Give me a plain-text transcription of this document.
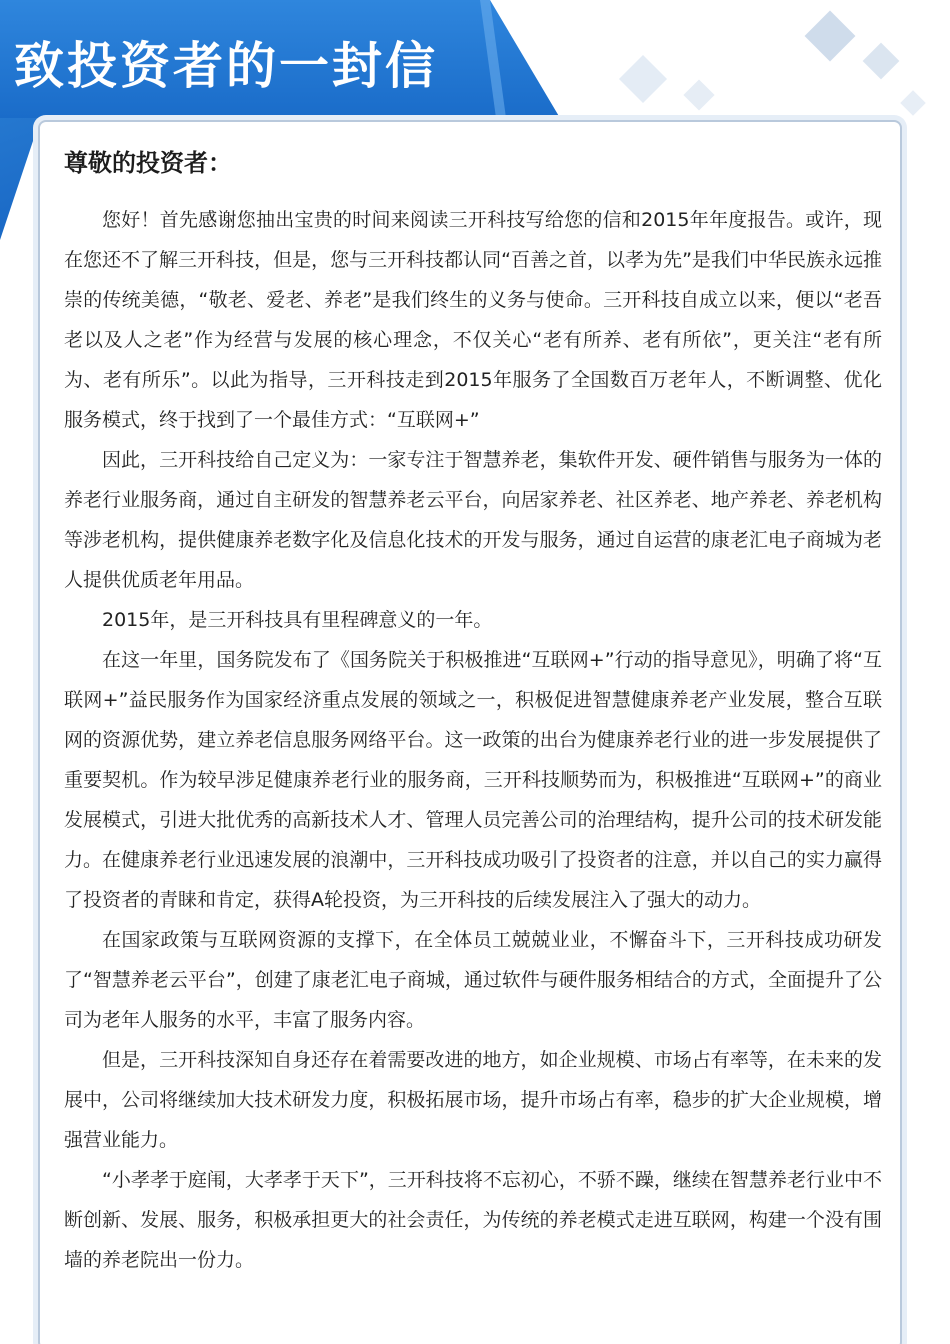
致投资者的一封信
尊敬的投资者：

您好！首先感谢您抽出宝贵的时间来阅读三开科技写给您的信和2015年年度报告。或许，现在您还不了解三开科技，但是，您与三开科技都认同“百善之首，以孝为先”是我们中华民族永远推崇的传统美德，“敬老、爱老、养老”是我们终生的义务与使命。三开科技自成立以来，便以“老吾老以及人之老”作为经营与发展的核心理念，不仅关心“老有所养、老有所依”，更关注“老有所为、老有所乐”。以此为指导，三开科技走到2015年服务了全国数百万老年人，不断调整、优化服务模式，终于找到了一个最佳方式：“互联网+”

因此，三开科技给自己定义为：一家专注于智慧养老，集软件开发、硬件销售与服务为一体的养老行业服务商，通过自主研发的智慧养老云平台，向居家养老、社区养老、地产养老、养老机构等涉老机构，提供健康养老数字化及信息化技术的开发与服务，通过自运营的康老汇电子商城为老人提供优质老年用品。

2015年，是三开科技具有里程碑意义的一年。

在这一年里，国务院发布了《国务院关于积极推进“互联网+”行动的指导意见》，明确了将“互联网+”益民服务作为国家经济重点发展的领域之一，积极促进智慧健康养老产业发展，整合互联网的资源优势，建立养老信息服务网络平台。这一政策的出台为健康养老行业的进一步发展提供了重要契机。作为较早涉足健康养老行业的服务商，三开科技顺势而为，积极推进“互联网+”的商业发展模式，引进大批优秀的高新技术人才、管理人员完善公司的治理结构，提升公司的技术研发能力。在健康养老行业迅速发展的浪潮中，三开科技成功吸引了投资者的注意，并以自己的实力赢得了投资者的青睐和肯定，获得A轮投资，为三开科技的后续发展注入了强大的动力。

在国家政策与互联网资源的支撑下，在全体员工兢兢业业，不懈奋斗下，三开科技成功研发了“智慧养老云平台”，创建了康老汇电子商城，通过软件与硬件服务相结合的方式，全面提升了公司为老年人服务的水平，丰富了服务内容。

但是，三开科技深知自身还存在着需要改进的地方，如企业规模、市场占有率等，在未来的发展中，公司将继续加大技术研发力度，积极拓展市场，提升市场占有率，稳步的扩大企业规模，增强营业能力。

“小孝孝于庭闱，大孝孝于天下”，三开科技将不忘初心，不骄不躁，继续在智慧养老行业中不断创新、发展、服务，积极承担更大的社会责任，为传统的养老模式走进互联网，构建一个没有围墙的养老院出一份力。
